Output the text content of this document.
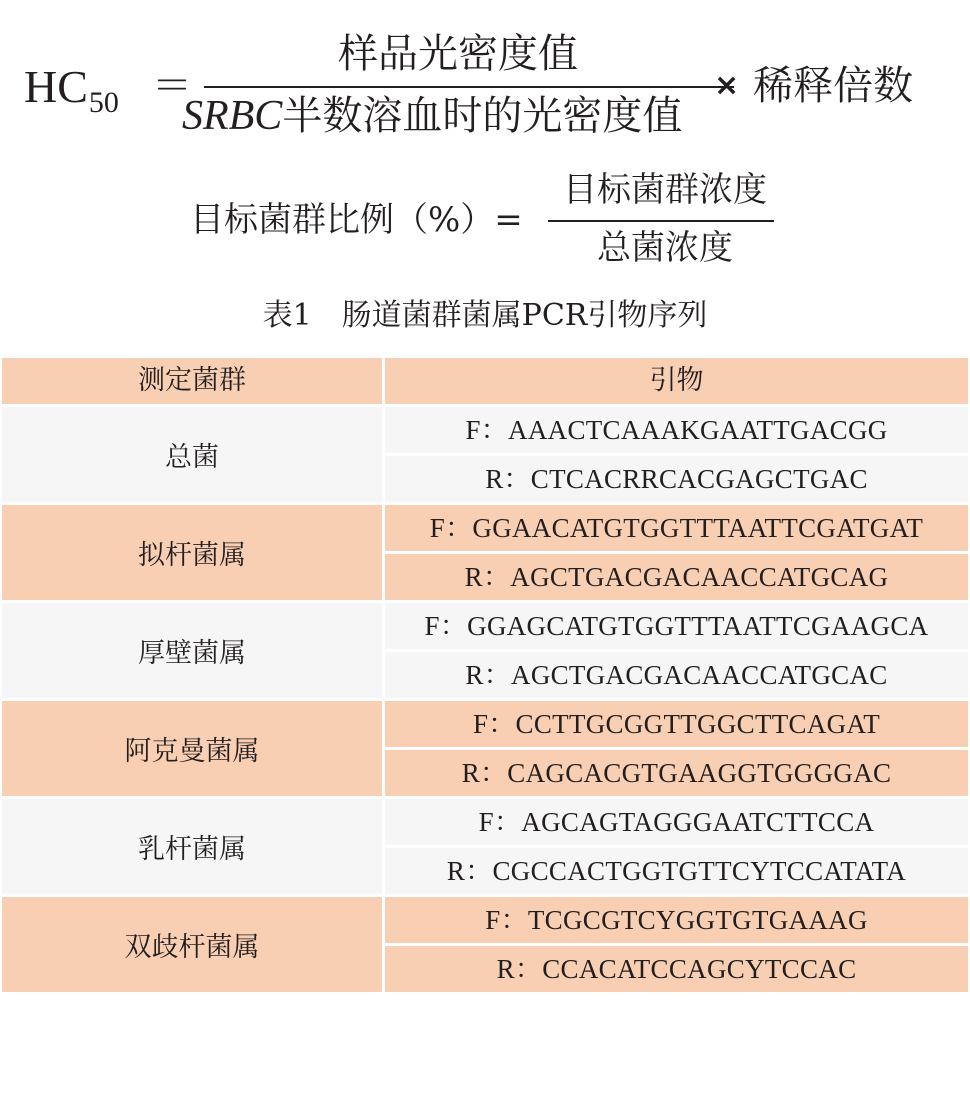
$HC_{50}$ ＝
样品光密度值
SRBC半数溶血时的光密度值
× 稀释倍数
目标菌群比例（%）=
目标菌群浓度
总菌浓度
表1 肠道菌群菌属PCR引物序列
测定菌群	引物
总菌
F：AAACTCAAAKGAATTGACGG
R：CTCACRRCACGAGCTGAC
拟杆菌属
F：GGAACATGTGGTTTAATTCGATGAT
R：AGCTGACGACAACCATGCAG
厚壁菌属
F：GGAGCATGTGGTTTAATTCGAAGCA
R：AGCTGACGACAACCATGCAC
阿克曼菌属
F：CCTTGCGGTTGGCTTCAGAT
R：CAGCACGTGAAGGTGGGGAC
乳杆菌属
F：AGCAGTAGGGAATCTTCCA
R：CGCCACTGGTGTTCYTCCATATA
双歧杆菌属
F：TCGCGTCYGGTGTGAAAG
R：CCACATCCAGCYTCCAC
